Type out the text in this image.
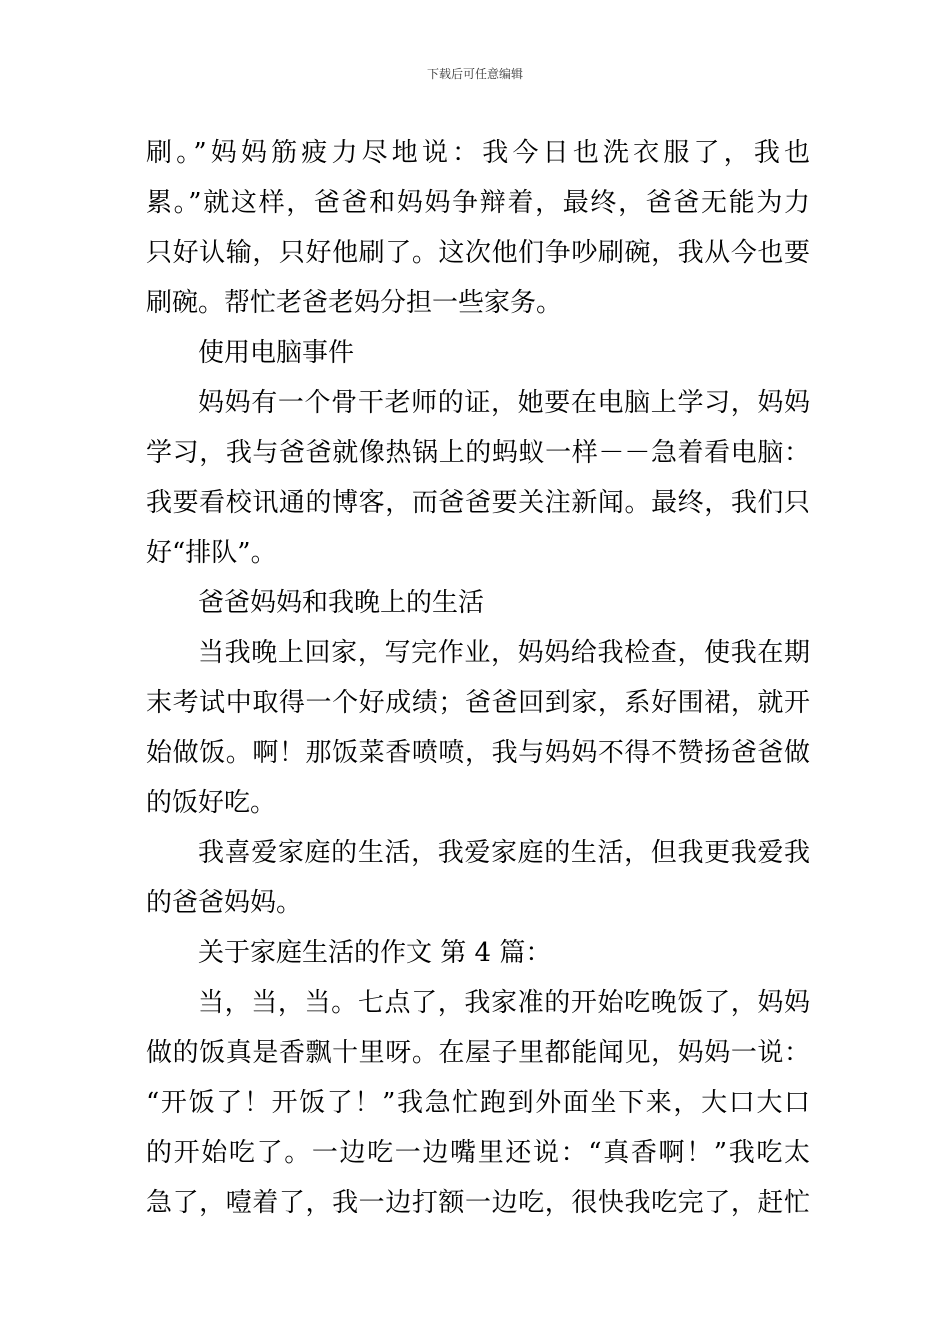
下载后可任意编辑
刷。”妈妈筋疲力尽地说：我今日也洗衣服了，我也
累。”就这样，爸爸和妈妈争辩着，最终，爸爸无能为力
只好认输，只好他刷了。这次他们争吵刷碗，我从今也要
刷碗。帮忙老爸老妈分担一些家务。
使用电脑事件
妈妈有一个骨干老师的证，她要在电脑上学习，妈妈
学习，我与爸爸就像热锅上的蚂蚁一样－－急着看电脑：
我要看校讯通的博客，而爸爸要关注新闻。最终，我们只
好“排队”。
爸爸妈妈和我晚上的生活
当我晚上回家，写完作业，妈妈给我检查，使我在期
末考试中取得一个好成绩；爸爸回到家，系好围裙，就开
始做饭。啊！那饭菜香喷喷，我与妈妈不得不赞扬爸爸做
的饭好吃。
我喜爱家庭的生活，我爱家庭的生活，但我更我爱我
的爸爸妈妈。
关于家庭生活的作文 第 4 篇：
当，当，当。七点了，我家准的开始吃晚饭了，妈妈
做的饭真是香飘十里呀。在屋子里都能闻见，妈妈一说：
“开饭了！开饭了！”我急忙跑到外面坐下来，大口大口
的开始吃了。一边吃一边嘴里还说：“真香啊！”我吃太
急了，噎着了，我一边打额一边吃，很快我吃完了，赶忙
